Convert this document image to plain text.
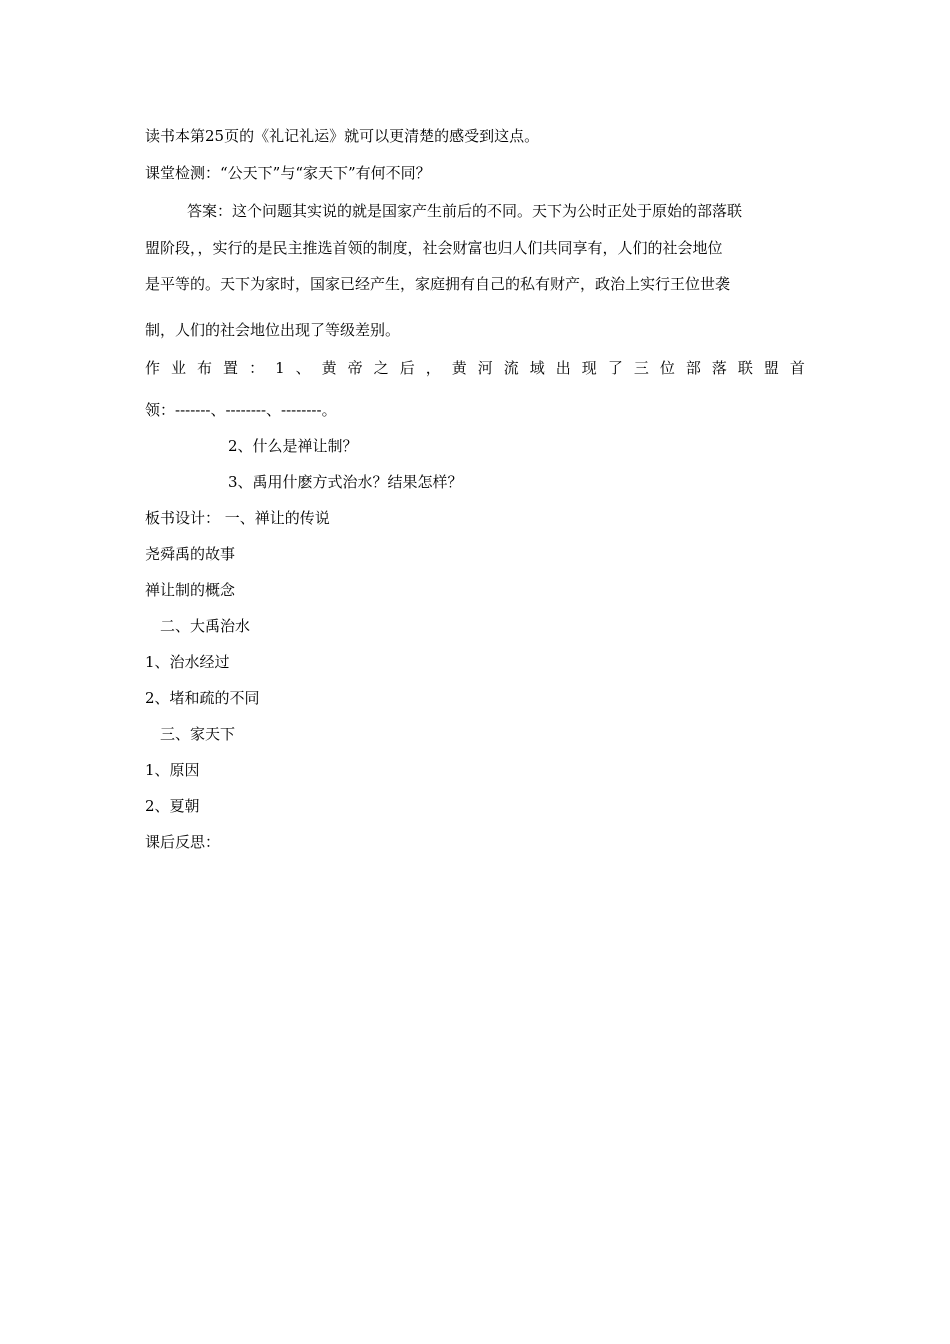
读书本第25页的《礼记礼运》就可以更清楚的感受到这点。
课堂检测：“公天下”与“家天下”有何不同？
答案：这个问题其实说的就是国家产生前后的不同。天下为公时正处于原始的部落联
盟阶段，，实行的是民主推选首领的制度，社会财富也归人们共同享有，人们的社会地位
是平等的。天下为家时，国家已经产生，家庭拥有自己的私有财产，政治上实行王位世袭
制，人们的社会地位出现了等级差别。
作 业 布 置 ： 1 、 黄 帝 之 后 ， 黄 河 流 域 出 现 了 三 位 部 落 联 盟 首
领：-------、--------、--------。
2、什么是禅让制？
3、禹用什麽方式治水？结果怎样？
板书设计： 一、禅让的传说
尧舜禹的故事
禅让制的概念
二、大禹治水
1、治水经过
2、堵和疏的不同
三、家天下
1、原因
2、夏朝
课后反思：
